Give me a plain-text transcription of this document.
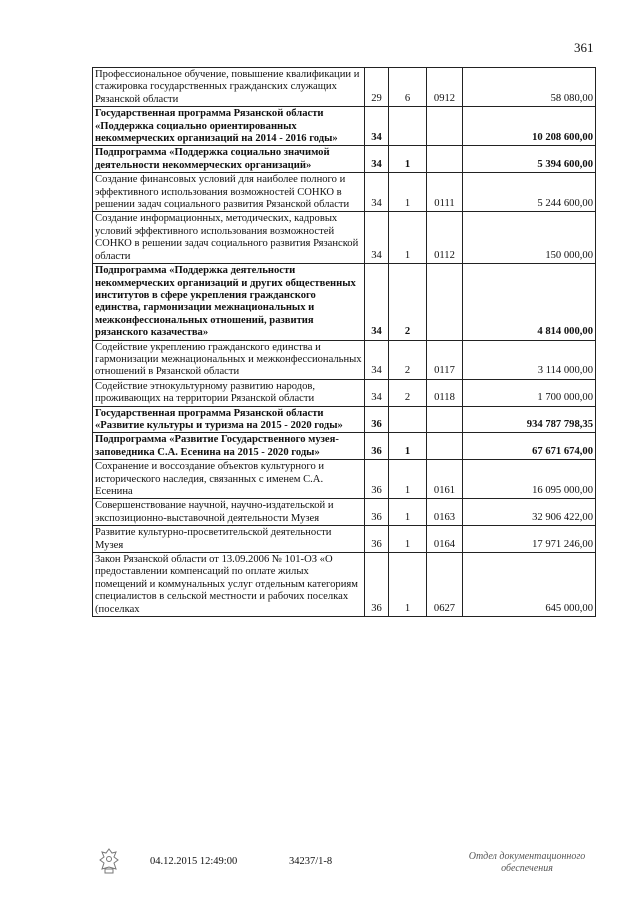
361
Профессиональное обучение, повышение квалификации и стажировка государственных гражданских служащих Рязанской области	29	6	0912	58 080,00
Государственная программа Рязанской области «Поддержка социально ориентированных некоммерческих организаций на 2014 - 2016 годы»	34			10 208 600,00
Подпрограмма «Поддержка социально значимой деятельности некоммерческих организаций»	34	1		5 394 600,00
Создание финансовых условий для наиболее полного и эффективного использования возможностей СОНКО в решении задач социального развития Рязанской области	34	1	0111	5 244 600,00
Создание информационных, методических, кадровых условий эффективного использования возможностей СОНКО в решении задач социального развития Рязанской области	34	1	0112	150 000,00
Подпрограмма «Поддержка деятельности некоммерческих организаций и других общественных институтов в сфере укрепления гражданского единства, гармонизации межнациональных и межконфессиональных отношений, развития рязанского казачества»	34	2		4 814 000,00
Содействие укреплению гражданского единства и гармонизации межнациональных и межконфессиональных отношений в Рязанской области	34	2	0117	3 114 000,00
Содействие этнокультурному развитию народов, проживающих на территории Рязанской области	34	2	0118	1 700 000,00
Государственная программа Рязанской области «Развитие культуры и туризма на 2015 - 2020 годы»	36			934 787 798,35
Подпрограмма «Развитие Государственного музея-заповедника С.А. Есенина на 2015 - 2020 годы»	36	1		67 671 674,00
Сохранение и воссоздание объектов культурного и исторического наследия, связанных с именем С.А. Есенина	36	1	0161	16 095 000,00
Совершенствование научной, научно-издательской и экспозиционно-выставочной деятельности Музея	36	1	0163	32 906 422,00
Развитие культурно-просветительской деятельности Музея	36	1	0164	17 971 246,00
Закон Рязанской области от 13.09.2006 № 101-ОЗ «О предоставлении компенсаций по оплате жилых помещений и коммунальных услуг отдельным категориям специалистов в сельской местности и рабочих поселках (поселках	36	1	0627	645 000,00
04.12.2015 12:49:00	34237/1-8	Отдел документационного
обеспечения
